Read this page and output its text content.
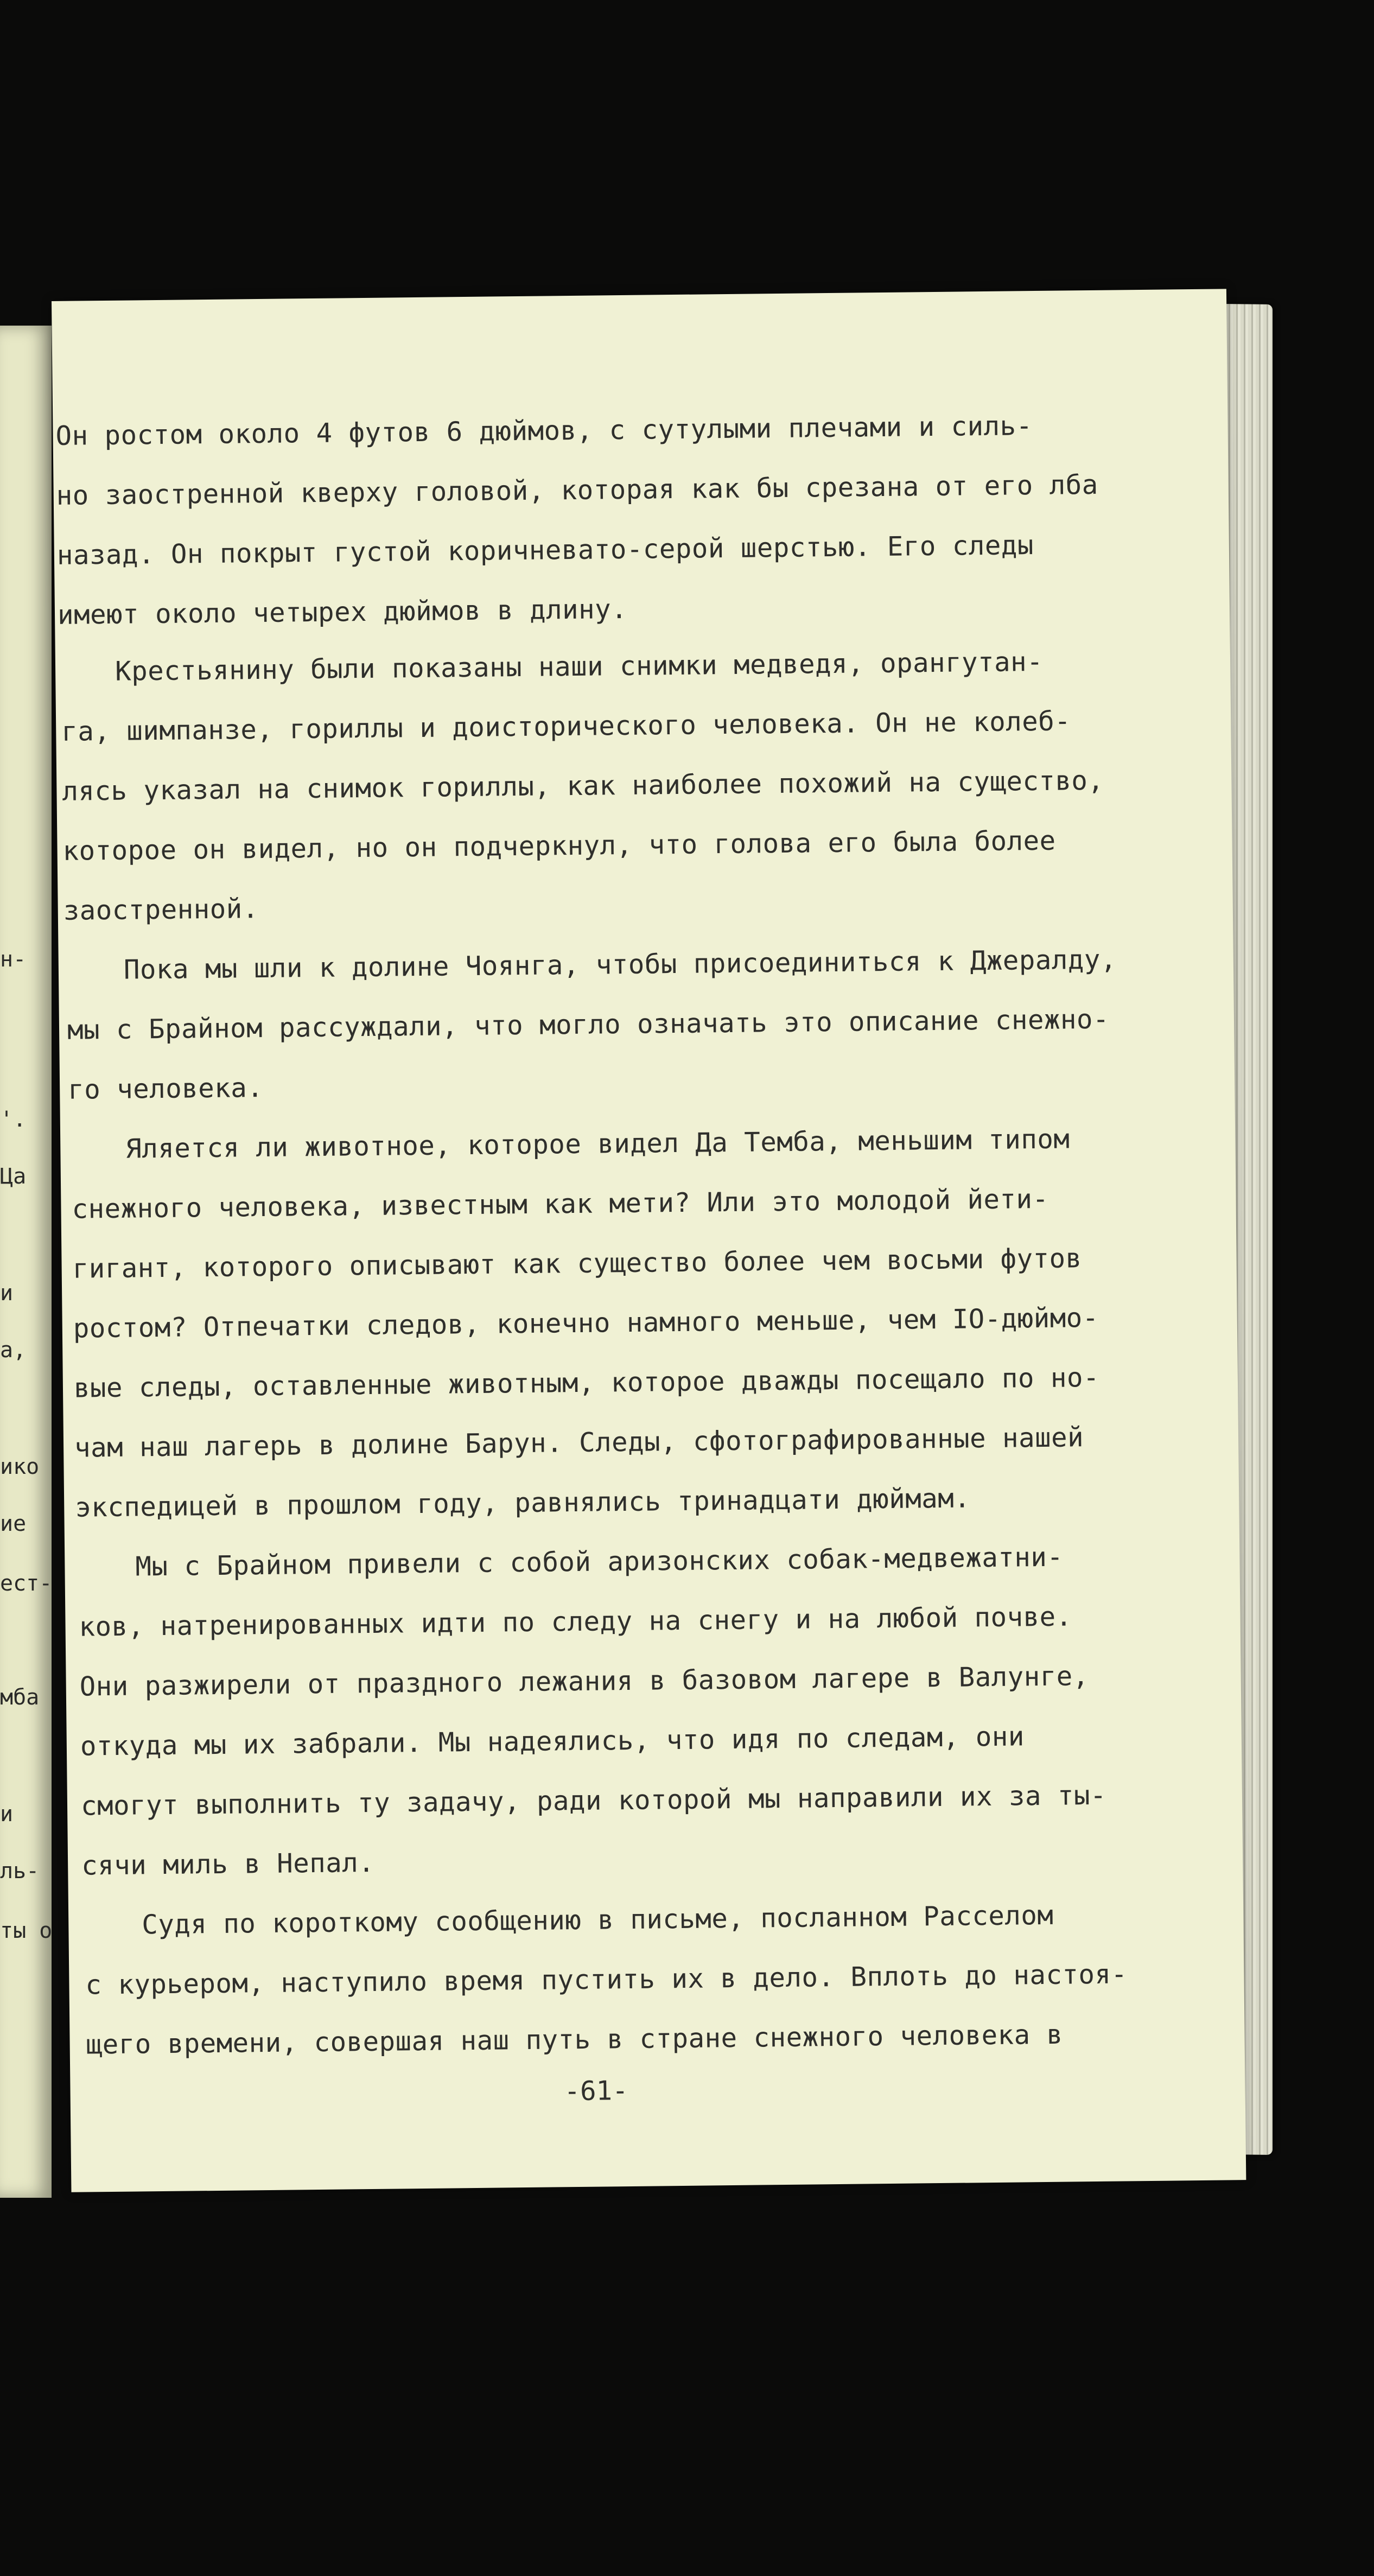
н-
'.
Ца
и
а,
ико
ие
ест-
мба
и
ль-
ты о
Он ростом около 4 футов 6 дюймов, с сутулыми плечами и силь-
но заостренной кверху головой, которая как бы срезана от его лба
назад. Он покрыт густой коричневато-серой шерстью. Его следы
имеют около четырех дюймов в длину.
Крестьянину были показаны наши снимки медведя, орангутан-
га, шимпанзе, гориллы и доисторического человека. Он не колеб-
лясь указал на снимок гориллы, как наиболее похожий на существо,
которое он видел, но он подчеркнул, что голова его была более
заостренной.
Пока мы шли к долине Чоянга, чтобы присоединиться к Джералду,
мы с Брайном рассуждали, что могло означать это описание снежно-
го человека.
Яляется ли животное, которое видел Да Темба, меньшим типом
снежного человека, известным как мети? Или это молодой йети-
гигант, которого описывают как существо более чем восьми футов
ростом? Отпечатки следов, конечно намного меньше, чем IO-дюймо-
вые следы, оставленные животным, которое дважды посещало по но-
чам наш лагерь в долине Барун. Следы, сфотографированные нашей
экспедицей в прошлом году, равнялись тринадцати дюймам.
Мы с Брайном привели с собой аризонских собак-медвежатни-
ков, натренированных идти по следу на снегу и на любой почве.
Они разжирели от праздного лежания в базовом лагере в Валунге,
откуда мы их забрали. Мы надеялись, что идя по следам, они
смогут выполнить ту задачу, ради которой мы направили их за ты-
сячи миль в Непал.
Судя по короткому сообщению в письме, посланном Расселом
с курьером, наступило время пустить их в дело. Вплоть до настоя-
щего времени, совершая наш путь в стране снежного человека в
-61-
